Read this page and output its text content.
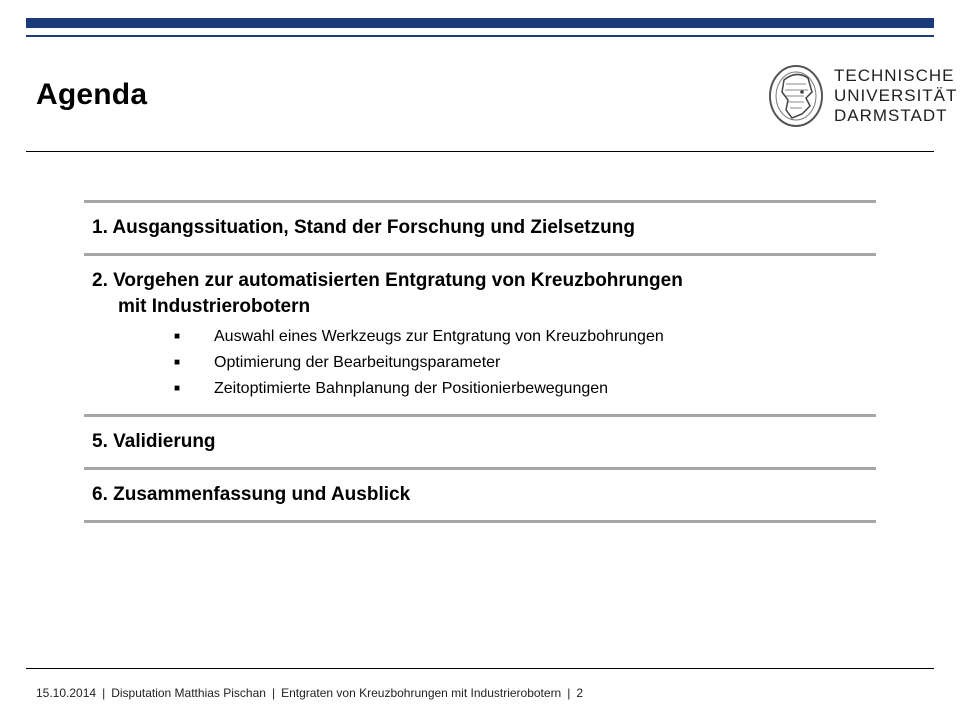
Agenda
TECHNISCHE
UNIVERSITÄT
DARMSTADT
1. Ausgangssituation, Stand der Forschung und Zielsetzung
2. Vorgehen zur automatisierten Entgratung von Kreuzbohrungen
mit Industrierobotern
■ Auswahl eines Werkzeugs zur Entgratung von Kreuzbohrungen
■ Optimierung der Bearbeitungsparameter
■ Zeitoptimierte Bahnplanung der Positionierbewegungen
5. Validierung
6. Zusammenfassung und Ausblick
15.10.2014 | Disputation Matthias Pischan | Entgraten von Kreuzbohrungen mit Industrierobotern | 2
